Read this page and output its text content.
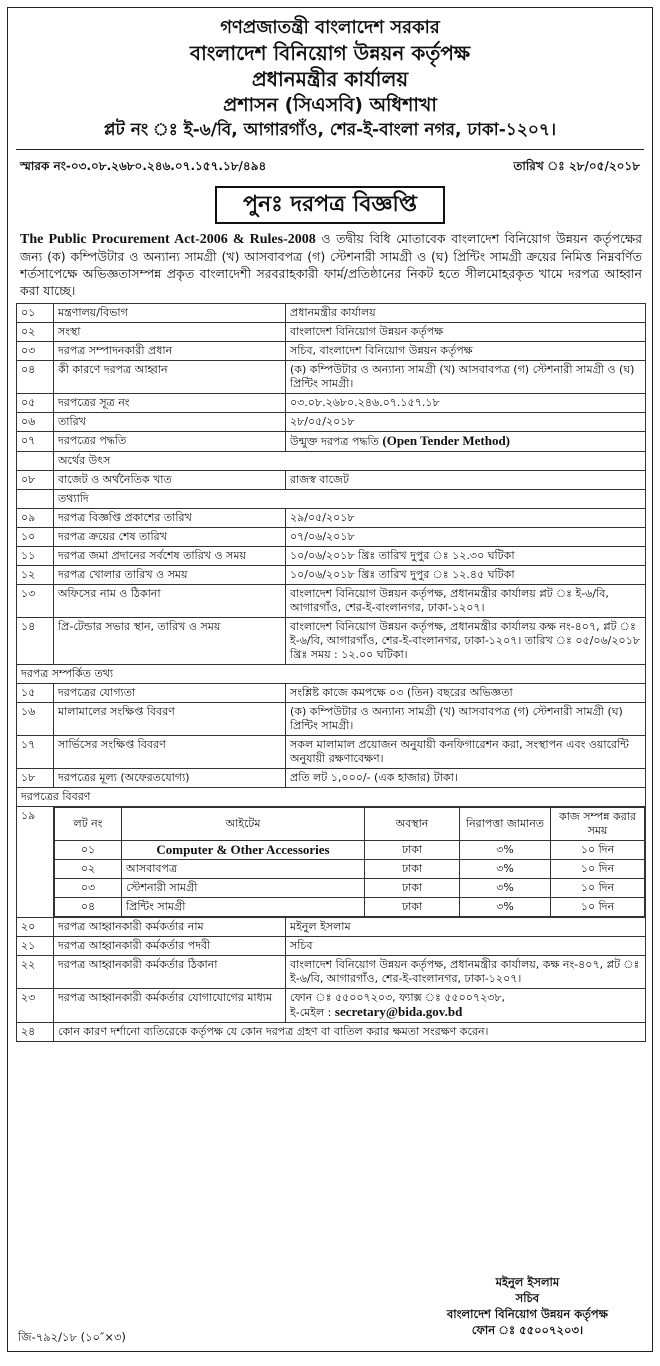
গণপ্রজাতন্ত্রী বাংলাদেশ সরকার
বাংলাদেশ বিনিয়োগ উন্নয়ন কর্তৃপক্ষ
প্রধানমন্ত্রীর কার্যালয়
প্রশাসন (সিএসবি) অধিশাখা
প্লট নং ঃ ই-৬/বি, আগারগাঁও, শের-ই-বাংলা নগর, ঢাকা-১২০৭।
স্মারক নং-০৩.০৮.২৬৮০.২৪৬.০৭.১৫৭.১৮/৪৯৪	তারিখ ঃ ২৮/০৫/২০১৮
পুনঃ দরপত্র বিজ্ঞপ্তি
The Public Procurement Act-2006 & Rules-2008 ও তদ্বীয় বিধি মোতাবেক বাংলাদেশ বিনিয়োগ উন্নয়ন কর্তৃপক্ষের জন্য (ক) কম্পিউটার ও অন্যান্য সামগ্রী (খ) আসবাবপত্র (গ) স্টেশনারী সামগ্রী ও (ঘ) প্রিন্টিং সামগ্রী ক্রয়ের নিমিত্ত নিম্নবর্ণিত শর্তসাপেক্ষে অভিজ্ঞতাসম্পন্ন প্রকৃত বাংলাদেশী সরবরাহকারী ফার্ম/প্রতিষ্ঠানের নিকট হতে সীলমোহরকৃত খামে দরপত্র আহ্বান করা যাচ্ছে।
০১	মন্ত্রণালয়/বিভাগ	প্রধানমন্ত্রীর কার্যালয়
০২	সংস্থা	বাংলাদেশ বিনিয়োগ উন্নয়ন কর্তৃপক্ষ
০৩	দরপত্র সম্পাদনকারী প্রধান	সচিব, বাংলাদেশ বিনিয়োগ উন্নয়ন কর্তৃপক্ষ
০৪	কী কারণে দরপত্র আহ্বান	(ক) কম্পিউটার ও অন্যান্য সামগ্রী (খ) আসবাবপত্র (গ) স্টেশনারী সামগ্রী ও (ঘ) প্রিন্টিং সামগ্রী।
০৫	দরপত্রের সূত্র নং	০৩.০৮.২৬৮০.২৪৬.০৭.১৫৭.১৮
০৬	তারিখ	২৮/০৫/২০১৮
০৭	দরপত্রের পদ্ধতি	উন্মুক্ত দরপত্র পদ্ধতি (Open Tender Method)
	অর্থের উৎস
০৮	বাজেট ও অর্থনৈতিক খাত	রাজস্ব বাজেট
	তথ্যাদি
০৯	দরপত্র বিজ্ঞপ্তি প্রকাশের তারিখ	২৯/০৫/২০১৮
১০	দরপত্র ক্রয়ের শেষ তারিখ	০৭/০৬/২০১৮
১১	দরপত্র জমা প্রদানের সর্বশেষ তারিখ ও সময়	১০/০৬/২০১৮ খ্রিঃ তারিখ দুপুর ঃ ১২.৩০ ঘটিকা
১২	দরপত্র খোলার তারিখ ও সময়	১০/০৬/২০১৮ খ্রিঃ তারিখ দুপুর ঃ ১২.৪৫ ঘটিকা
১৩	অফিসের নাম ও ঠিকানা	বাংলাদেশ বিনিয়োগ উন্নয়ন কর্তৃপক্ষ, প্রধানমন্ত্রীর কার্যালয় প্লট ঃ ই-৬/বি, আগারগাঁও, শের-ই-বাংলানগর, ঢাকা-১২০৭।
১৪	প্রি-টেন্ডার সভার স্থান, তারিখ ও সময়	বাংলাদেশ বিনিয়োগ উন্নয়ন কর্তৃপক্ষ, প্রধানমন্ত্রীর কার্যালয় কক্ষ নং-৪০৭, প্লট ঃ ই-৬/বি, আগারগাঁও, শের-ই-বাংলানগর, ঢাকা-১২০৭। তারিখ ঃ ০৫/০৬/২০১৮ খ্রিঃ সময় : ১২.০০ ঘটিকা।
দরপত্র সম্পর্কিত তথ্য
১৫	দরপত্রের যোগ্যতা	সংশ্লিষ্ট কাজে কমপক্ষে ০৩ (তিন) বছরের অভিজ্ঞতা
১৬	মালামালের সংক্ষিপ্ত বিবরণ	(ক) কম্পিউটার ও অন্যান্য সামগ্রী (খ) আসবাবপত্র (গ) স্টেশনারী সামগ্রী (ঘ) প্রিন্টিং সামগ্রী।
১৭	সার্ভিসের সংক্ষিপ্ত বিবরণ	সকল মালামাল প্রয়োজন অনুযায়ী কনফিগারেশন করা, সংস্থাপন এবং ওয়ারেন্টি অনুযায়ী রক্ষণাবেক্ষণ।
১৮	দরপত্রের মূল্য (অফেরতযোগ্য)	প্রতি লট ১,০০০/- (এক হাজার) টাকা।
দরপত্রের বিবরণ
১৯	
লট নং	আইটেম	অবস্থান	নিরাপত্তা জামানত	কাজ সম্পন্ন করার সময়
০১	Computer & Other Accessories	ঢাকা	৩%	১০ দিন
০২	আসবাবপত্র	ঢাকা	৩%	১০ দিন
০৩	স্টেশনারী সামগ্রী	ঢাকা	৩%	১০ দিন
০৪	প্রিন্টিং সামগ্রী	ঢাকা	৩%	১০ দিন

২০	দরপত্র আহ্বানকারী কর্মকর্তার নাম	মইনুল ইসলাম
২১	দরপত্র আহ্বানকারী কর্মকর্তার পদবী	সচিব
২২	দরপত্র আহ্বানকারী কর্মকর্তার ঠিকানা	বাংলাদেশ বিনিয়োগ উন্নয়ন কর্তৃপক্ষ, প্রধানমন্ত্রীর কার্যালয়, কক্ষ নং-৪০৭, প্লট ঃ ই-৬/বি, আগারগাঁও, শের-ই-বাংলানগর, ঢাকা-১২০৭।
২৩	দরপত্র আহ্বানকারী কর্মকর্তার যোগাযোগের মাধ্যম	ফোন ঃ ৫৫০০৭২০৩, ফ্যাক্স ঃ ৫৫০০৭২৩৮,
ই-মেইল : secretary@bida.gov.bd

২৪	কোন কারণ দর্শানো ব্যতিরেকে কর্তৃপক্ষ যে কোন দরপত্র গ্রহণ বা বাতিল করার ক্ষমতা সংরক্ষণ করেন।
মইনুল ইসলাম
সচিব
বাংলাদেশ বিনিয়োগ উন্নয়ন কর্তৃপক্ষ
ফোন ঃ ৫৫০০৭২০৩।
জি-৭৯২/১৮ (১০″×৩)
